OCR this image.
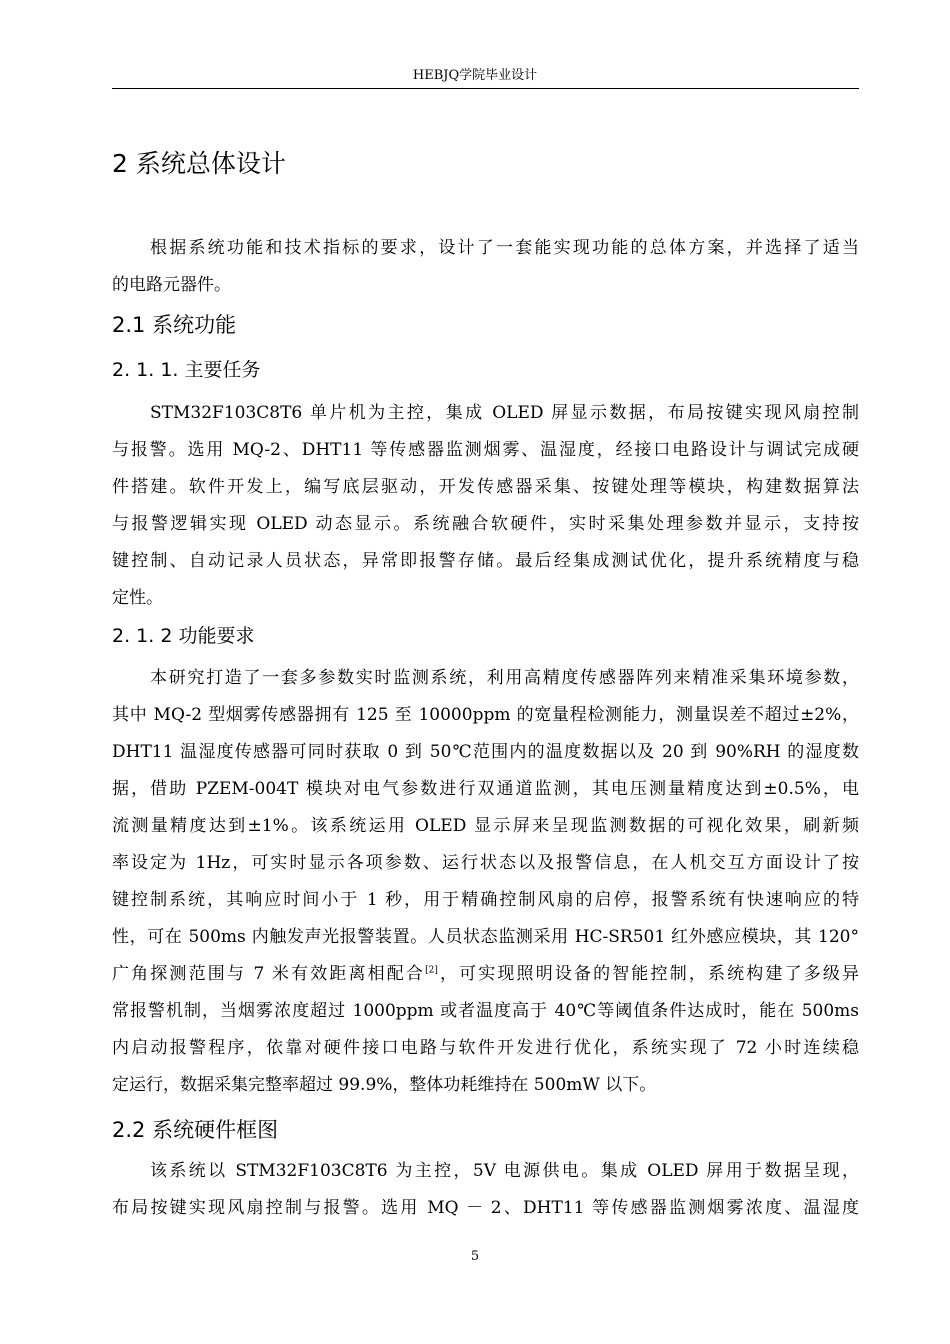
HEBJQ学院毕业设计
2 系统总体设计
根据系统功能和技术指标的要求，设计了一套能实现功能的总体方案，并选择了适当
的电路元器件。
2.1 系统功能
2. 1. 1. 主要任务
STM32F103C8T6 单片机为主控，集成 OLED 屏显示数据，布局按键实现风扇控制
与报警。选用 MQ-2、DHT11 等传感器监测烟雾、温湿度，经接口电路设计与调试完成硬
件搭建。软件开发上，编写底层驱动，开发传感器采集、按键处理等模块，构建数据算法
与报警逻辑实现 OLED 动态显示。系统融合软硬件，实时采集处理参数并显示，支持按
键控制、自动记录人员状态，异常即报警存储。最后经集成测试优化，提升系统精度与稳
定性。
2. 1. 2 功能要求
本研究打造了一套多参数实时监测系统，利用高精度传感器阵列来精准采集环境参数，
其中 MQ-2 型烟雾传感器拥有 125 至 10000ppm 的宽量程检测能力，测量误差不超过±2%，
DHT11 温湿度传感器可同时获取 0 到 50℃范围内的温度数据以及 20 到 90%RH 的湿度数
据，借助 PZEM-004T 模块对电气参数进行双通道监测，其电压测量精度达到±0.5%，电
流测量精度达到±1%。该系统运用 OLED 显示屏来呈现监测数据的可视化效果，刷新频
率设定为 1Hz，可实时显示各项参数、运行状态以及报警信息，在人机交互方面设计了按
键控制系统，其响应时间小于 1 秒，用于精确控制风扇的启停，报警系统有快速响应的特
性，可在 500ms 内触发声光报警装置。人员状态监测采用 HC-SR501 红外感应模块，其 120°
广角探测范围与 7 米有效距离相配合[2]，可实现照明设备的智能控制，系统构建了多级异
常报警机制，当烟雾浓度超过 1000ppm 或者温度高于 40℃等阈值条件达成时，能在 500ms
内启动报警程序，依靠对硬件接口电路与软件开发进行优化，系统实现了 72 小时连续稳
定运行，数据采集完整率超过 99.9%，整体功耗维持在 500mW 以下。
2.2 系统硬件框图
该系统以 STM32F103C8T6 为主控，5V 电源供电。集成 OLED 屏用于数据呈现，
布局按键实现风扇控制与报警。选用 MQ － 2、DHT11 等传感器监测烟雾浓度、温湿度
5
